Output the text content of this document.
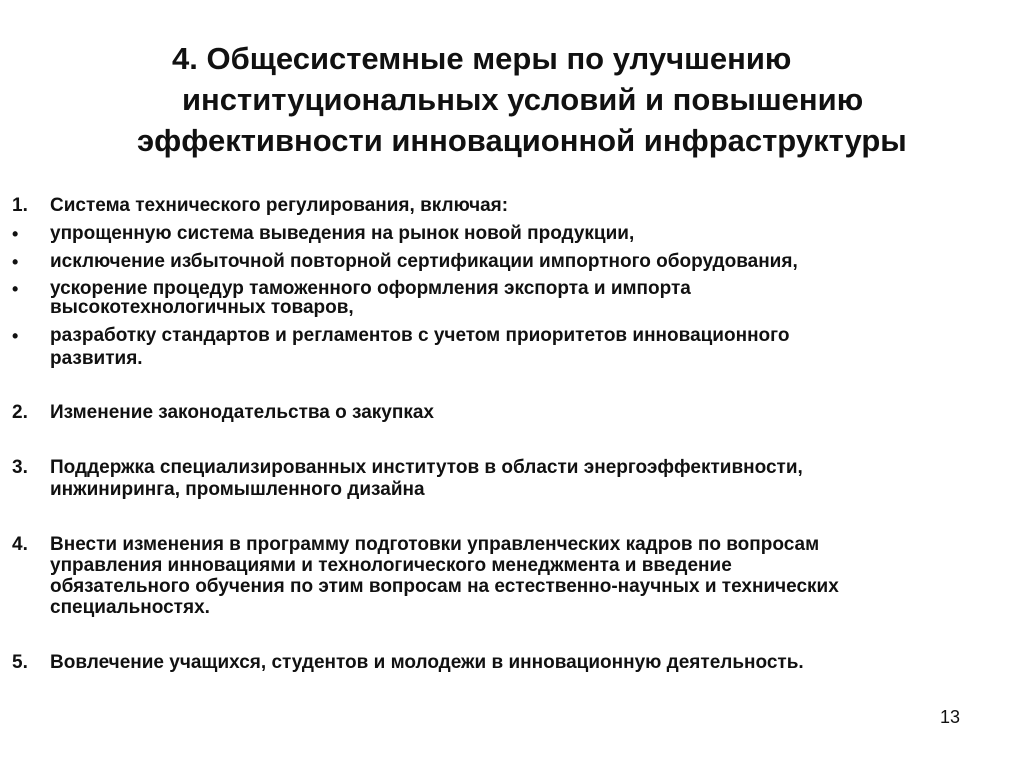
4. Общесистемные меры по улучшению
институциональных условий и повышению
эффективности инновационной инфраструктуры
1.	Система технического регулирования, включая:
•	упрощенную система выведения на рынок новой продукции,
•	исключение избыточной повторной сертификации импортного оборудования,
•	ускорение процедур таможенного оформления экспорта и импорта
высокотехнологичных товаров,
•	разработку стандартов и регламентов с учетом приоритетов инновационного
развития.
2.	Изменение законодательства о закупках
3.	Поддержка специализированных институтов в области энергоэффективности,
инжиниринга, промышленного дизайна
4.	Внести изменения в программу подготовки управленческих кадров по вопросам
управления инновациями и технологического менеджмента и введение
обязательного обучения по этим вопросам на естественно-научных и технических
специальностях.
5.	Вовлечение учащихся, студентов и молодежи в инновационную деятельность.
13
